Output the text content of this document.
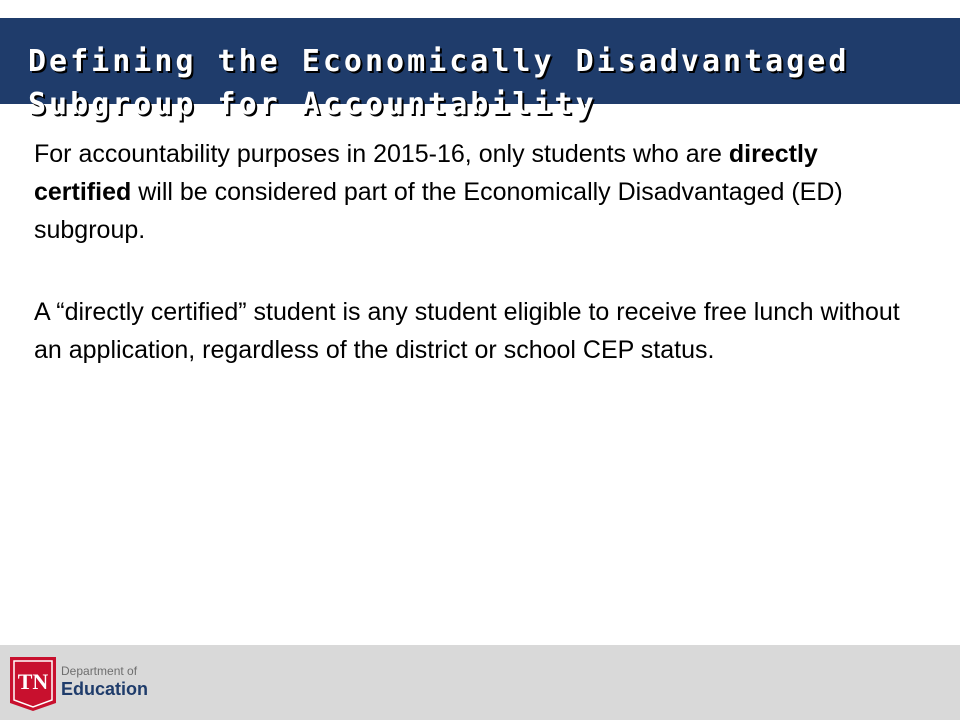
Defining the Economically Disadvantaged
Subgroup for Accountability

For accountability purposes in 2015-16, only students who are directly certified will be considered part of the Economically Disadvantaged (ED) subgroup.

A “directly certified” student is any student eligible to receive free lunch without an application, regardless of the district or school CEP status.

TN Department of
Education
